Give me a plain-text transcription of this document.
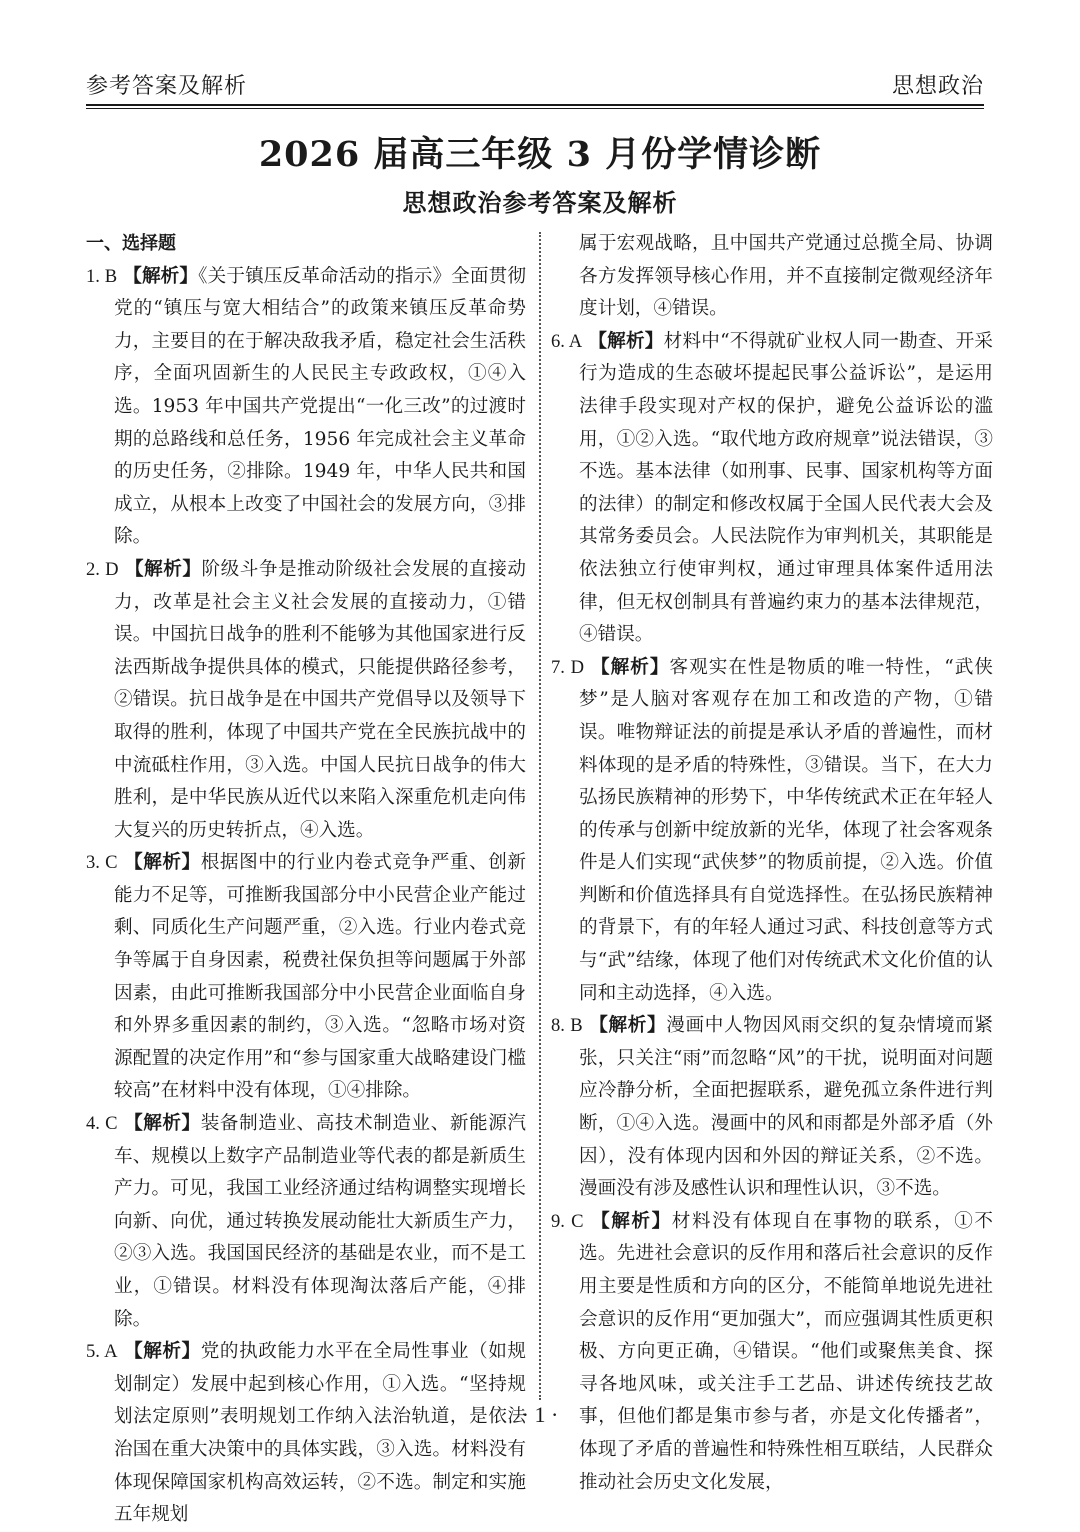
参考答案及解析	思想政治
2026 届高三年级 3 月份学情诊断
思想政治参考答案及解析
一、选择题

1. B 【解析】《关于镇压反革命活动的指示》全面贯彻党的“镇压与宽大相结合”的政策来镇压反革命势力，主要目的在于解决敌我矛盾，稳定社会生活秩序，全面巩固新生的人民民主专政政权，①④入选。1953 年中国共产党提出“一化三改”的过渡时期的总路线和总任务，1956 年完成社会主义革命的历史任务，②排除。1949 年，中华人民共和国成立，从根本上改变了中国社会的发展方向，③排除。

2. D 【解析】阶级斗争是推动阶级社会发展的直接动力，改革是社会主义社会发展的直接动力，①错误。中国抗日战争的胜利不能够为其他国家进行反法西斯战争提供具体的模式，只能提供路径参考，②错误。抗日战争是在中国共产党倡导以及领导下取得的胜利，体现了中国共产党在全民族抗战中的中流砥柱作用，③入选。中国人民抗日战争的伟大胜利，是中华民族从近代以来陷入深重危机走向伟大复兴的历史转折点，④入选。

3. C 【解析】根据图中的行业内卷式竞争严重、创新能力不足等，可推断我国部分中小民营企业产能过剩、同质化生产问题严重，②入选。行业内卷式竞争等属于自身因素，税费社保负担等问题属于外部因素，由此可推断我国部分中小民营企业面临自身和外界多重因素的制约，③入选。“忽略市场对资源配置的决定作用”和“参与国家重大战略建设门槛较高”在材料中没有体现，①④排除。

4. C 【解析】装备制造业、高技术制造业、新能源汽车、规模以上数字产品制造业等代表的都是新质生产力。可见，我国工业经济通过结构调整实现增长向新、向优，通过转换发展动能壮大新质生产力，②③入选。我国国民经济的基础是农业，而不是工业，①错误。材料没有体现淘汰落后产能，④排除。

5. A 【解析】党的执政能力水平在全局性事业（如规划制定）发展中起到核心作用，①入选。“坚持规划法定原则”表明规划工作纳入法治轨道，是依法治国在重大决策中的具体实践，③入选。材料没有体现保障国家机构高效运转，②不选。制定和实施五年规划

属于宏观战略，且中国共产党通过总揽全局、协调各方发挥领导核心作用，并不直接制定微观经济年度计划，④错误。

6. A 【解析】材料中“不得就矿业权人同一勘查、开采行为造成的生态破坏提起民事公益诉讼”，是运用法律手段实现对产权的保护，避免公益诉讼的滥用，①②入选。“取代地方政府规章”说法错误，③不选。基本法律（如刑事、民事、国家机构等方面的法律）的制定和修改权属于全国人民代表大会及其常务委员会。人民法院作为审判机关，其职能是依法独立行使审判权，通过审理具体案件适用法律，但无权创制具有普遍约束力的基本法律规范，④错误。

7. D 【解析】客观实在性是物质的唯一特性，“武侠梦”是人脑对客观存在加工和改造的产物，①错误。唯物辩证法的前提是承认矛盾的普遍性，而材料体现的是矛盾的特殊性，③错误。当下，在大力弘扬民族精神的形势下，中华传统武术正在年轻人的传承与创新中绽放新的光华，体现了社会客观条件是人们实现“武侠梦”的物质前提，②入选。价值判断和价值选择具有自觉选择性。在弘扬民族精神的背景下，有的年轻人通过习武、科技创意等方式与“武”结缘，体现了他们对传统武术文化价值的认同和主动选择，④入选。

8. B 【解析】漫画中人物因风雨交织的复杂情境而紧张，只关注“雨”而忽略“风”的干扰，说明面对问题应冷静分析，全面把握联系，避免孤立条件进行判断，①④入选。漫画中的风和雨都是外部矛盾（外因），没有体现内因和外因的辩证关系，②不选。漫画没有涉及感性认识和理性认识，③不选。

9. C 【解析】材料没有体现自在事物的联系，①不选。先进社会意识的反作用和落后社会意识的反作用主要是性质和方向的区分，不能简单地说先进社会意识的反作用“更加强大”，而应强调其性质更积极、方向更正确，④错误。“他们或聚焦美食、探寻各地风味，或关注手工艺品、讲述传统技艺故事，但他们都是集市参与者，亦是文化传播者”，体现了矛盾的普遍性和特殊性相互联结，人民群众推动社会历史文化发展，

· 1 ·
